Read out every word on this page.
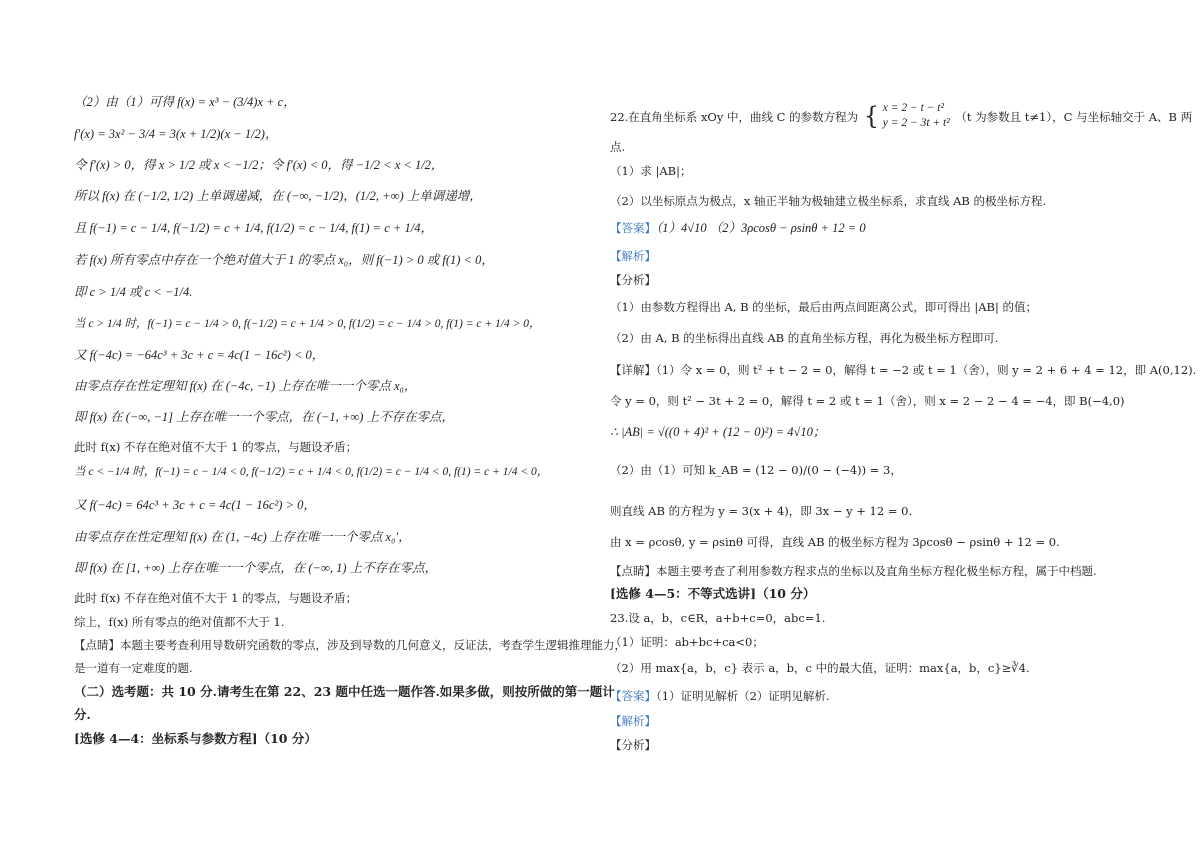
（2）由（1）可得 f(x) = x³ − (3/4)x + c，
f′(x) = 3x² − 3/4 = 3(x + 1/2)(x − 1/2)，
令 f′(x) > 0，得 x > 1/2 或 x < −1/2；令 f′(x) < 0，得 −1/2 < x < 1/2，
所以 f(x) 在 (−1/2, 1/2) 上单调递减，在 (−∞, −1/2)，(1/2, +∞) 上单调递增，
且 f(−1) = c − 1/4, f(−1/2) = c + 1/4, f(1/2) = c − 1/4, f(1) = c + 1/4，
若 f(x) 所有零点中存在一个绝对值大于 1 的零点 x₀，则 f(−1) > 0 或 f(1) < 0，
即 c > 1/4 或 c < −1/4.
当 c > 1/4 时，f(−1) = c − 1/4 > 0, f(−1/2) = c + 1/4 > 0, f(1/2) = c − 1/4 > 0, f(1) = c + 1/4 > 0，
又 f(−4c) = −64c³ + 3c + c = 4c(1 − 16c²) < 0，
由零点存在性定理知 f(x) 在 (−4c, −1) 上存在唯一一个零点 x₀，
即 f(x) 在 (−∞, −1] 上存在唯一一个零点，在 (−1, +∞) 上不存在零点，
此时 f(x) 不存在绝对值不大于 1 的零点，与题设矛盾；
当 c < −1/4 时，f(−1) = c − 1/4 < 0, f(−1/2) = c + 1/4 < 0, f(1/2) = c − 1/4 < 0, f(1) = c + 1/4 < 0，
又 f(−4c) = 64c³ + 3c + c = 4c(1 − 16c²) > 0，
由零点存在性定理知 f(x) 在 (1, −4c) 上存在唯一一个零点 x₀′，
即 f(x) 在 [1, +∞) 上存在唯一一个零点，在 (−∞, 1) 上不存在零点，
此时 f(x) 不存在绝对值不大于 1 的零点，与题设矛盾；
综上，f(x) 所有零点的绝对值都不大于 1.
【点睛】本题主要考查利用导数研究函数的零点，涉及到导数的几何意义，反证法，考查学生逻辑推理能力，
是一道有一定难度的题.
（二）选考题：共 10 分.请考生在第 22、23 题中任选一题作答.如果多做，则按所做的第一题计
分.
[选修 4—4：坐标系与参数方程]（10 分）
22.在直角坐标系 xOy 中，曲线 C 的参数方程为 { x = 2 − t − t²
y = 2 − 3t + t² （t 为参数且 t≠1），C 与坐标轴交于 A、B 两
点.
（1）求 |AB|；
（2）以坐标原点为极点，x 轴正半轴为极轴建立极坐标系，求直线 AB 的极坐标方程.
【答案】（1）4√10 （2）3ρcosθ − ρsinθ + 12 = 0
【解析】
【分析】
（1）由参数方程得出 A, B 的坐标，最后由两点间距离公式，即可得出 |AB| 的值；
（2）由 A, B 的坐标得出直线 AB 的直角坐标方程，再化为极坐标方程即可.
【详解】（1）令 x = 0，则 t² + t − 2 = 0，解得 t = −2 或 t = 1（舍），则 y = 2 + 6 + 4 = 12，即 A(0,12).
令 y = 0，则 t² − 3t + 2 = 0，解得 t = 2 或 t = 1（舍），则 x = 2 − 2 − 4 = −4，即 B(−4,0)
∴ |AB| = √((0 + 4)² + (12 − 0)²) = 4√10；
（2）由（1）可知 k_AB = (12 − 0)/(0 − (−4)) = 3，
则直线 AB 的方程为 y = 3(x + 4)，即 3x − y + 12 = 0.
由 x = ρcosθ, y = ρsinθ 可得，直线 AB 的极坐标方程为 3ρcosθ − ρsinθ + 12 = 0.
【点睛】本题主要考查了利用参数方程求点的坐标以及直角坐标方程化极坐标方程，属于中档题.
[选修 4—5：不等式选讲]（10 分）
23.设 a，b，c∈R，a+b+c=0，abc=1.
（1）证明：ab+bc+ca<0；
（2）用 max{a，b，c} 表示 a，b，c 中的最大值，证明：max{a，b，c}≥∛4.
【答案】（1）证明见解析（2）证明见解析.
【解析】
【分析】
